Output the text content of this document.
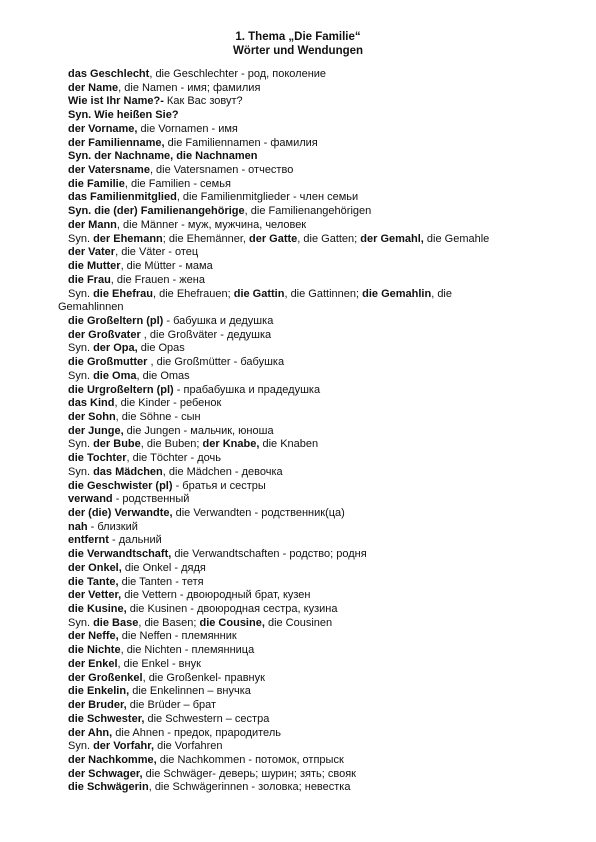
1. Thema „Die Familie“
Wörter und Wendungen
das Geschlecht, die Geschlechter - род, поколение
der Name, die Namen - имя; фамилия
Wie ist Ihr Name?- Как Вас зовут?
Syn. Wie heißen Sie?
der Vorname, die Vornamen - имя
der Familienname, die Familiennamen - фамилия
Syn. der Nachname, die Nachnamen
der Vatersname, die Vatersnamen - отчество
die Familie, die Familien - семья
das Familienmitglied, die Familienmitglieder - член семьи
Syn. die (der) Familienangehörige, die Familienangehörigen
der Mann, die Männer - муж, мужчина, человек
Syn. der Ehemann; die Ehemänner, der Gatte, die Gatten; der Gemahl, die Gemahle
der Vater, die Väter - отец
die Mutter, die Mütter - мама
die Frau, die Frauen - жена
Syn. die Ehefrau, die Ehefrauen; die Gattin, die Gattinnen; die Gemahlin, die
Gemahlinnen
die Großeltern (pl) - бабушка и дедушка
der Großvater , die Großväter - дедушка
Syn. der Opa, die Opas
die Großmutter , die Großmütter - бабушка
Syn. die Oma, die Omas
die Urgroßeltern (pl) - прабабушка и прадедушка
das Kind, die Kinder - ребенок
der Sohn, die Söhne - сын
der Junge, die Jungen - мальчик, юноша
Syn. der Bube, die Buben; der Knabe, die Knaben
die Tochter, die Töchter - дочь
Syn. das Mädchen, die Mädchen - девочка
die Geschwister (pl) - братья и сестры
verwand - родственный
der (die) Verwandte, die Verwandten - родственник(ца)
nah - близкий
entfernt - дальний
die Verwandtschaft, die Verwandtschaften - родство; родня
der Onkel, die Onkel - дядя
die Tante, die Tanten - тетя
der Vetter, die Vettern - двоюродный брат, кузен
die Kusine, die Kusinen - двоюродная сестра, кузина
Syn. die Base, die Basen; die Cousine, die Cousinen
der Neffe, die Neffen - племянник
die Nichte, die Nichten - племянница
der Enkel, die Enkel - внук
der Großenkel, die Großenkel- правнук
die Enkelin, die Enkelinnen – внучка
der Bruder, die Brüder – брат
die Schwester, die Schwestern – сестра
der Ahn, die Ahnen - предок, прародитель
Syn. der Vorfahr, die Vorfahren
der Nachkomme, die Nachkommen - потомок, отпрыск
der Schwager, die Schwäger- деверь; шурин; зять; свояк
die Schwägerin, die Schwägerinnen - золовка; невестка
